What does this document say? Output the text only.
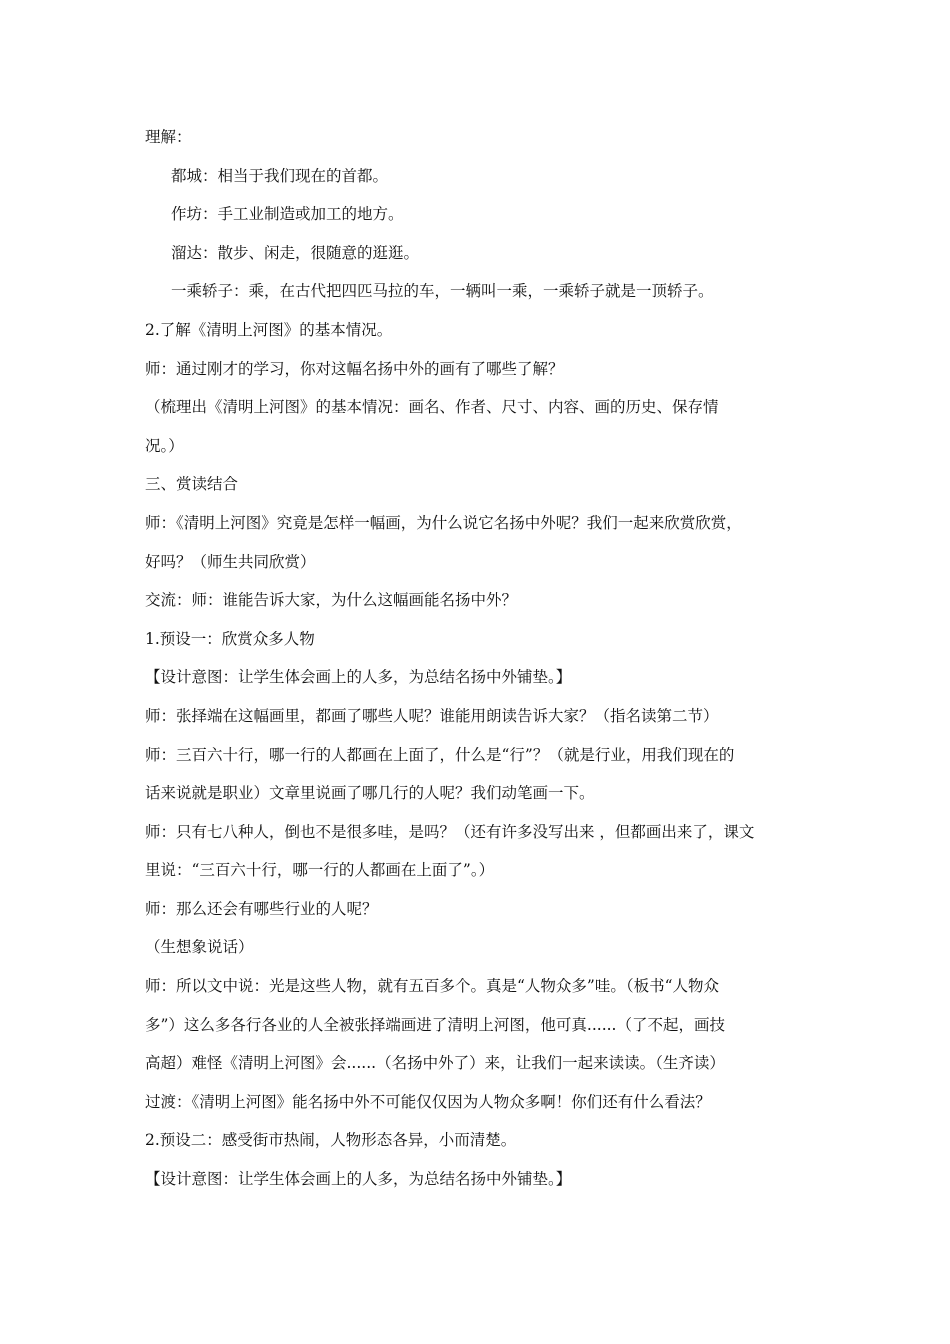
理解：
都城：相当于我们现在的首都。
作坊：手工业制造或加工的地方。
溜达：散步、闲走，很随意的逛逛。
一乘轿子：乘，在古代把四匹马拉的车，一辆叫一乘，一乘轿子就是一顶轿子。
2.了解《清明上河图》的基本情况。
师：通过刚才的学习，你对这幅名扬中外的画有了哪些了解？
（梳理出《清明上河图》的基本情况：画名、作者、尺寸、内容、画的历史、保存情
况。）
三、赏读结合
师：《清明上河图》究竟是怎样一幅画，为什么说它名扬中外呢？我们一起来欣赏欣赏，
好吗？（师生共同欣赏）
交流：师：谁能告诉大家，为什么这幅画能名扬中外？
1.预设一：欣赏众多人物
【设计意图：让学生体会画上的人多，为总结名扬中外铺垫。】
师：张择端在这幅画里，都画了哪些人呢？谁能用朗读告诉大家？（指名读第二节）
师：三百六十行，哪一行的人都画在上面了，什么是“行”？（就是行业，用我们现在的
话来说就是职业）文章里说画了哪几行的人呢？我们动笔画一下。
师：只有七八种人，倒也不是很多哇，是吗？（还有许多没写出来 ，但都画出来了，课文
里说：“三百六十行，哪一行的人都画在上面了”。）
师：那么还会有哪些行业的人呢？
（生想象说话）
师：所以文中说：光是这些人物，就有五百多个。真是“人物众多”哇。（板书“人物众
多”）这么多各行各业的人全被张择端画进了清明上河图，他可真......（了不起，画技
高超）难怪《清明上河图》会......（名扬中外了）来，让我们一起来读读。（生齐读）
过渡：《清明上河图》能名扬中外不可能仅仅因为人物众多啊！你们还有什么看法？
2.预设二：感受街市热闹，人物形态各异，小而清楚。
【设计意图：让学生体会画上的人多，为总结名扬中外铺垫。】
